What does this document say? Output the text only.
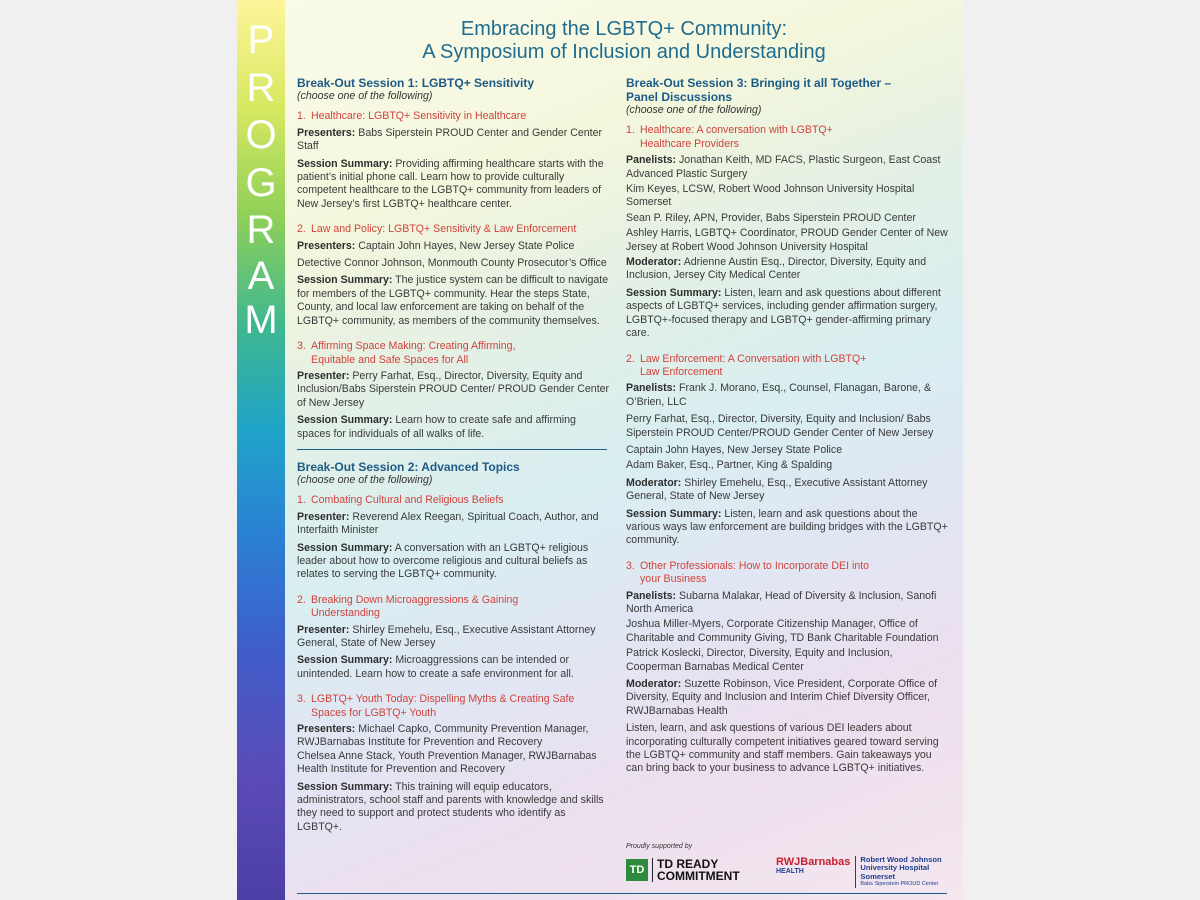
P
R
O
G
R
A
M
Embracing the LGBTQ+ Community:
A Symposium of Inclusion and Understanding
Break-Out Session 1: LGBTQ+ Sensitivity
(choose one of the following)
1. Healthcare: LGBTQ+ Sensitivity in Healthcare

Presenters: Babs Siperstein PROUD Center and Gender Center Staff

Session Summary: Providing affirming healthcare starts with the patient’s initial phone call. Learn how to provide culturally competent healthcare to the LGBTQ+ community from leaders of New Jersey’s first LGBTQ+ healthcare center.

2. Law and Policy: LGBTQ+ Sensitivity & Law Enforcement

Presenters: Captain John Hayes, New Jersey State Police

Detective Connor Johnson, Monmouth County Prosecutor’s Office

Session Summary: The justice system can be difficult to navigate for members of the LGBTQ+ community. Hear the steps State, County, and local law enforcement are taking on behalf of the LGBTQ+ community, as members of the community themselves.

3. Affirming Space Making: Creating Affirming,
Equitable and Safe Spaces for All

Presenter: Perry Farhat, Esq., Director, Diversity, Equity and Inclusion/Babs Siperstein PROUD Center/ PROUD Gender Center of New Jersey

Session Summary: Learn how to create safe and affirming spaces for individuals of all walks of life.

Break-Out Session 2: Advanced Topics
(choose one of the following)
1. Combating Cultural and Religious Beliefs

Presenter: Reverend Alex Reegan, Spiritual Coach, Author, and Interfaith Minister

Session Summary: A conversation with an LGBTQ+ religious leader about how to overcome religious and cultural beliefs as relates to serving the LGBTQ+ community.

2. Breaking Down Microaggressions & Gaining
Understanding

Presenter: Shirley Emehelu, Esq., Executive Assistant Attorney General, State of New Jersey

Session Summary: Microaggressions can be intended or unintended. Learn how to create a safe environment for all.

3. LGBTQ+ Youth Today: Dispelling Myths & Creating Safe
Spaces for LGBTQ+ Youth

Presenters: Michael Capko, Community Prevention Manager, RWJBarnabas Institute for Prevention and Recovery

Chelsea Anne Stack, Youth Prevention Manager, RWJBarnabas Health Institute for Prevention and Recovery

Session Summary: This training will equip educators, administrators, school staff and parents with knowledge and skills they need to support and protect students who identify as LGBTQ+.

Break-Out Session 3: Bringing it all Together –
Panel Discussions
(choose one of the following)
1. Healthcare: A conversation with LGBTQ+
Healthcare Providers

Panelists: Jonathan Keith, MD FACS, Plastic Surgeon, East Coast Advanced Plastic Surgery

Kim Keyes, LCSW, Robert Wood Johnson University Hospital Somerset

Sean P. Riley, APN, Provider, Babs Siperstein PROUD Center

Ashley Harris, LGBTQ+ Coordinator, PROUD Gender Center of New Jersey at Robert Wood Johnson University Hospital

Moderator: Adrienne Austin Esq., Director, Diversity, Equity and Inclusion, Jersey City Medical Center

Session Summary: Listen, learn and ask questions about different aspects of LGBTQ+ services, including gender affirmation surgery, LGBTQ+-focused therapy and LGBTQ+ gender-affirming primary care.

2. Law Enforcement: A Conversation with LGBTQ+
Law Enforcement

Panelists: Frank J. Morano, Esq., Counsel, Flanagan, Barone, & O’Brien, LLC

Perry Farhat, Esq., Director, Diversity, Equity and Inclusion/ Babs Siperstein PROUD Center/PROUD Gender Center of New Jersey

Captain John Hayes, New Jersey State Police

Adam Baker, Esq., Partner, King & Spalding

Moderator: Shirley Emehelu, Esq., Executive Assistant Attorney General, State of New Jersey

Session Summary: Listen, learn and ask questions about the various ways law enforcement are building bridges with the LGBTQ+ community.

3. Other Professionals: How to Incorporate DEI into
your Business

Panelists: Subarna Malakar, Head of Diversity & Inclusion, Sanofi North America

Joshua Miller-Myers, Corporate Citizenship Manager, Office of Charitable and Community Giving, TD Bank Charitable Foundation

Patrick Koslecki, Director, Diversity, Equity and Inclusion, Cooperman Barnabas Medical Center

Moderator: Suzette Robinson, Vice President, Corporate Office of Diversity, Equity and Inclusion and Interim Chief Diversity Officer, RWJBarnabas Health

Listen, learn, and ask questions of various DEI leaders about incorporating culturally competent initiatives geared toward serving the LGBTQ+ community and staff members. Gain takeaways you can bring back to your business to advance LGBTQ+ initiatives.

Proudly supported by
TD	TD READY
COMMITMENT
RWJBarnabas
HEALTH
Robert Wood Johnson
University Hospital
Somerset
Babs Siperstein PROUD Center
